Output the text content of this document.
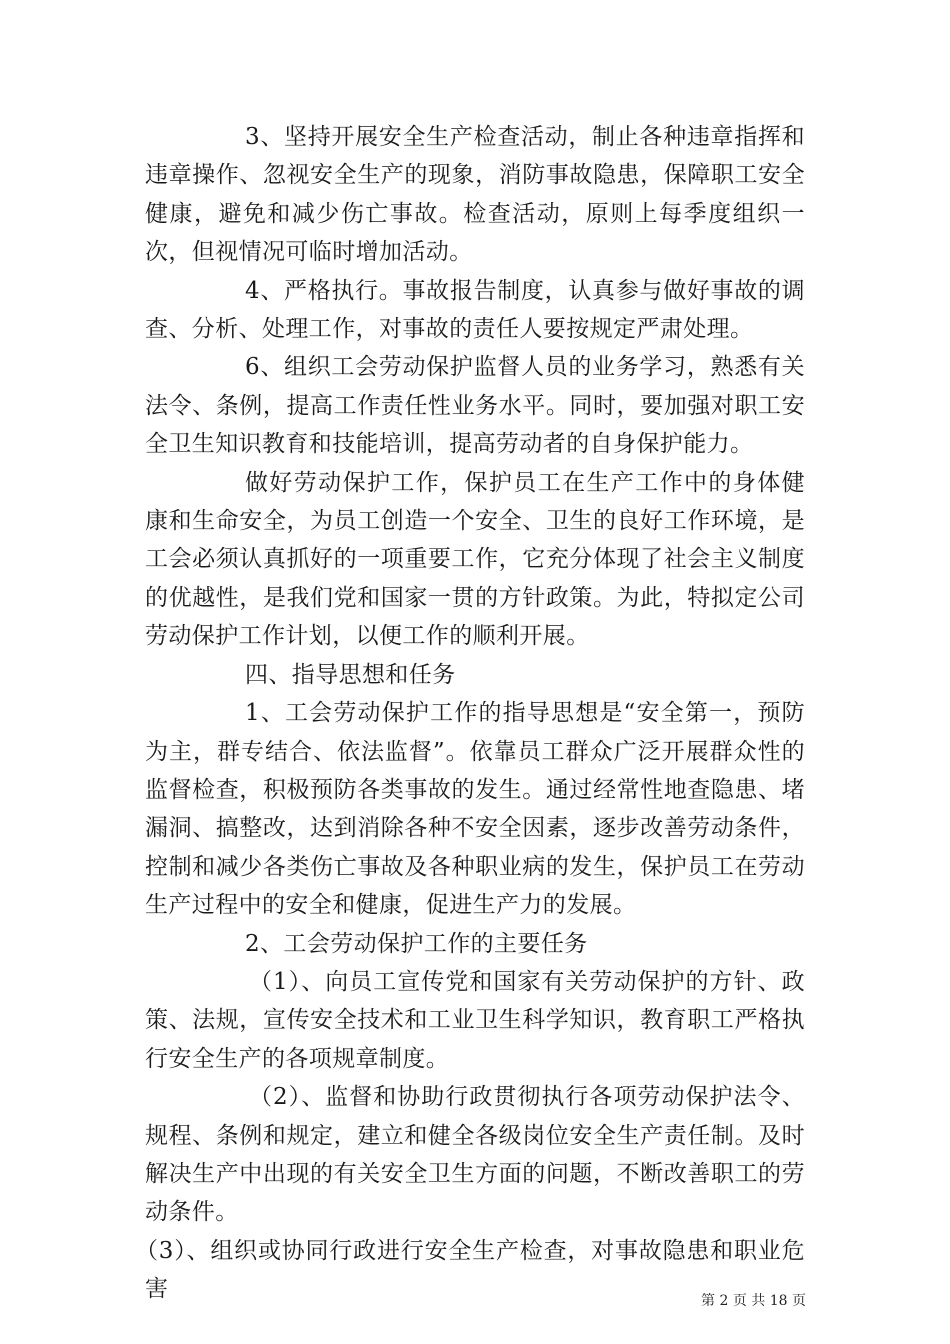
3、坚持开展安全生产检查活动，制止各种违章指挥和违章操作、忽视安全生产的现象，消防事故隐患，保障职工安全健康，避免和减少伤亡事故。检查活动，原则上每季度组织一次，但视情况可临时增加活动。

4、严格执行。事故报告制度，认真参与做好事故的调查、分析、处理工作，对事故的责任人要按规定严肃处理。

6、组织工会劳动保护监督人员的业务学习，熟悉有关法令、条例，提高工作责任性业务水平。同时，要加强对职工安全卫生知识教育和技能培训，提高劳动者的自身保护能力。

做好劳动保护工作，保护员工在生产工作中的身体健康和生命安全，为员工创造一个安全、卫生的良好工作环境，是工会必须认真抓好的一项重要工作，它充分体现了社会主义制度的优越性，是我们党和国家一贯的方针政策。为此，特拟定公司劳动保护工作计划，以便工作的顺利开展。

四、指导思想和任务

1、工会劳动保护工作的指导思想是“安全第一，预防为主，群专结合、依法监督”。依靠员工群众广泛开展群众性的监督检查，积极预防各类事故的发生。通过经常性地查隐患、堵漏洞、搞整改，达到消除各种不安全因素，逐步改善劳动条件，控制和减少各类伤亡事故及各种职业病的发生，保护员工在劳动生产过程中的安全和健康，促进生产力的发展。

2、工会劳动保护工作的主要任务

（1）、向员工宣传党和国家有关劳动保护的方针、政策、法规，宣传安全技术和工业卫生科学知识，教育职工严格执行安全生产的各项规章制度。

（2）、监督和协助行政贯彻执行各项劳动保护法令、规程、条例和规定，建立和健全各级岗位安全生产责任制。及时解决生产中出现的有关安全卫生方面的问题，不断改善职工的劳动条件。

（3）、组织或协同行政进行安全生产检查，对事故隐患和职业危害	第 2 页 共 18 页
